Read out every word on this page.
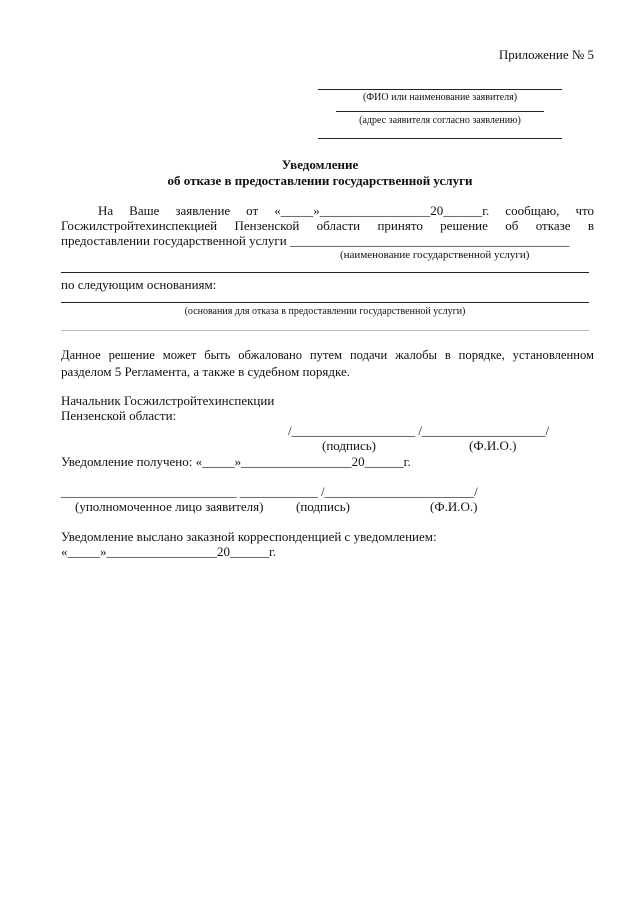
Приложение № 5
(ФИО или наименование заявителя)
(адрес заявителя согласно заявлению)
Уведомление
об отказе в предоставлении государственной услуги
На Ваше заявление от «_____»_________________20______г. сообщаю, что
Госжилстройтехинспекцией Пензенской области принято решение об отказе в
предоставлении государственной услуги ___________________________________________
(наименование государственной услуги)
по следующим основаниям:
(основания для отказа в предоставлении государственной услуги)
Данное решение может быть обжаловано путем подачи жалобы в порядке, установленном
разделом 5 Регламента, а также в судебном порядке.
Начальник Госжилстройтехинспекции
Пензенской области:
/___________________ /___________________/
(подпись)	(Ф.И.О.)
Уведомление получено: «_____»_________________20______г.
___________________________ ____________ /_______________________/
(уполномоченное лицо заявителя)	(подпись)	(Ф.И.О.)
Уведомление выслано заказной корреспонденцией с уведомлением:
«_____»_________________20______г.
